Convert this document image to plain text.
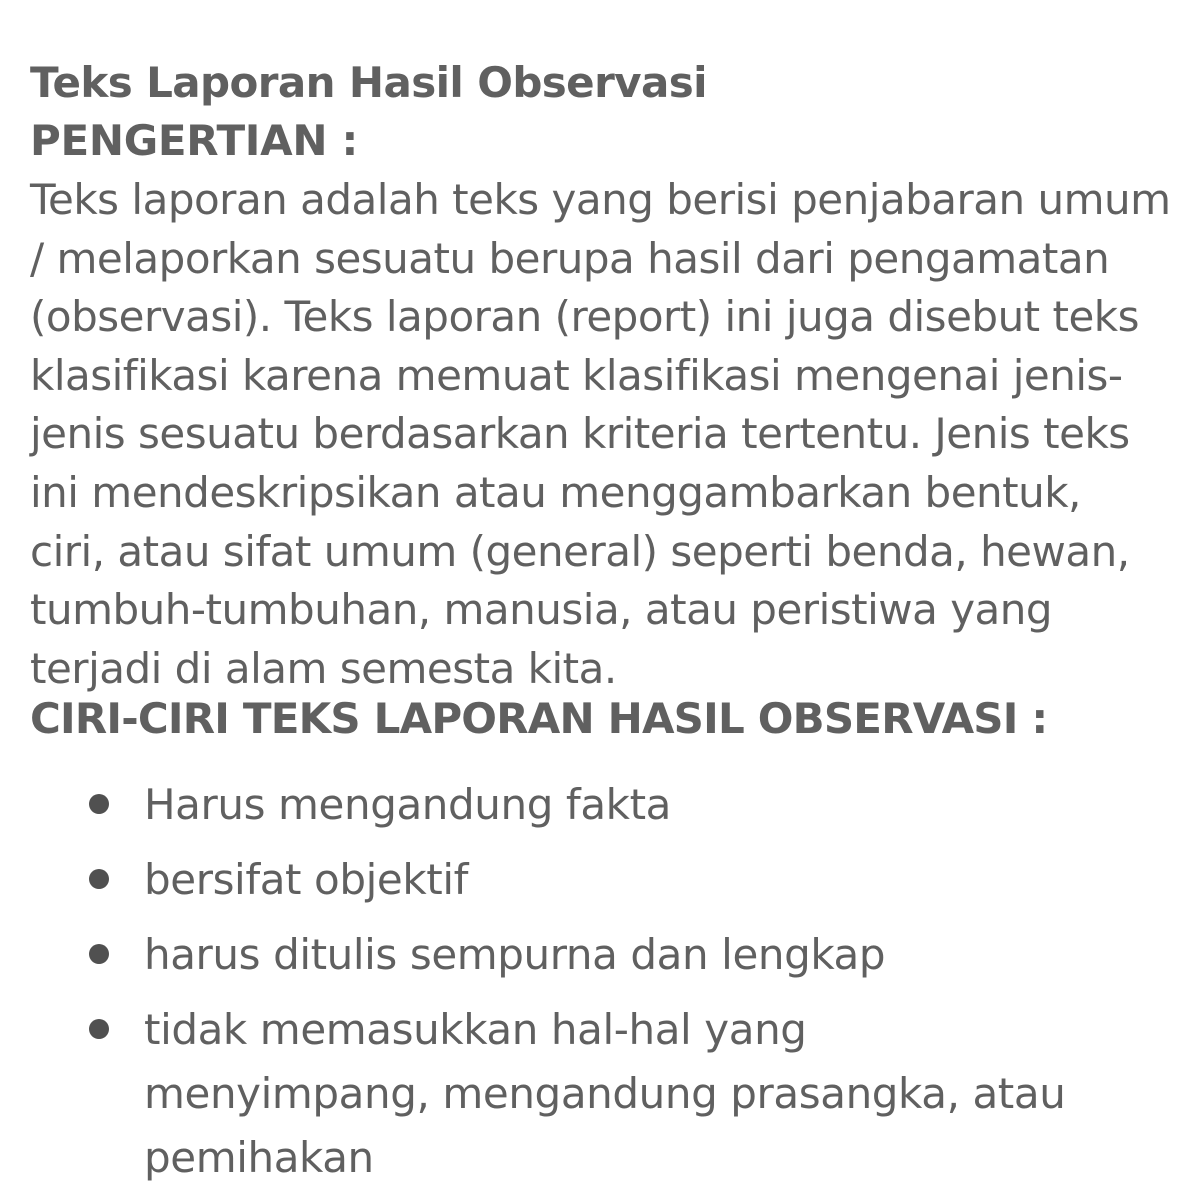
Teks Laporan Hasil Observasi
PENGERTIAN :

Teks laporan adalah teks yang berisi penjabaran umum
/ melaporkan sesuatu berupa hasil dari pengamatan
(observasi). Teks laporan (report) ini juga disebut teks
klasifikasi karena memuat klasifikasi mengenai jenis-
jenis sesuatu berdasarkan kriteria tertentu. Jenis teks
ini mendeskripsikan atau menggambarkan bentuk,
ciri, atau sifat umum (general) seperti benda, hewan,
tumbuh-tumbuhan, manusia, atau peristiwa yang
terjadi di alam semesta kita.

CIRI-CIRI TEKS LAPORAN HASIL OBSERVASI :
Harus mengandung fakta
bersifat objektif
harus ditulis sempurna dan lengkap
tidak memasukkan hal-hal yang
menyimpang, mengandung prasangka, atau
pemihakan
